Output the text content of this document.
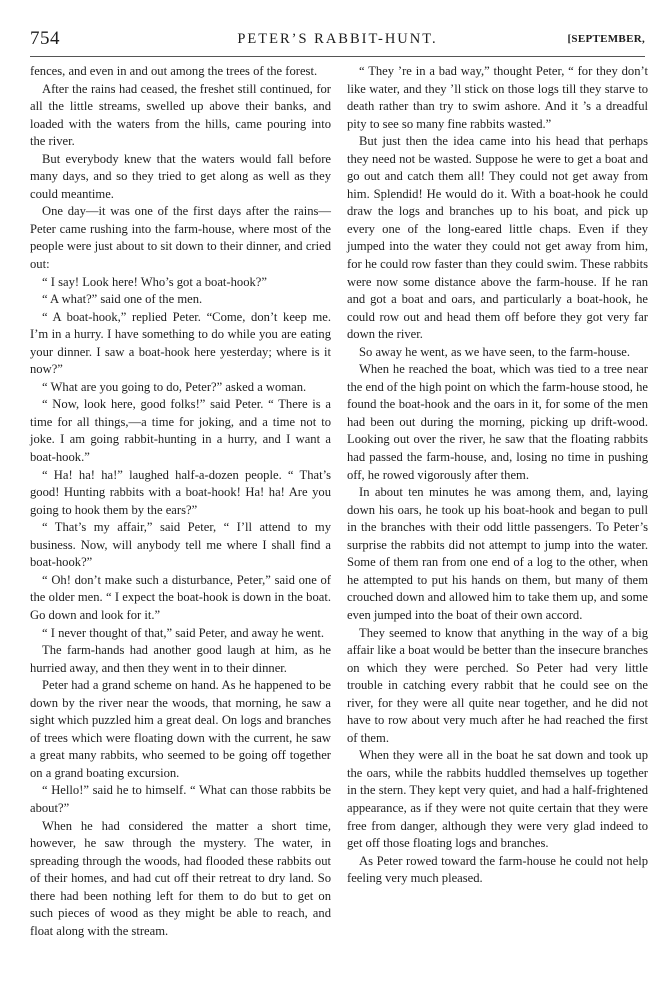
754	PETER’S RABBIT-HUNT.	[SEPTEMBER,

fences, and even in and out among the trees of the forest.

After the rains had ceased, the freshet still continued, for all the little streams, swelled up above their banks, and loaded with the waters from the hills, came pouring into the river.

But everybody knew that the waters would fall before many days, and so they tried to get along as well as they could meantime.

One day—it was one of the first days after the rains—Peter came rushing into the farm-house, where most of the people were just about to sit down to their dinner, and cried out:

“ I say! Look here! Who’s got a boat-hook?”

“ A what?” said one of the men.

“ A boat-hook,” replied Peter. “Come, don’t keep me. I’m in a hurry. I have something to do while you are eating your dinner. I saw a boat-hook here yesterday; where is it now?”

“ What are you going to do, Peter?” asked a woman.

“ Now, look here, good folks!” said Peter. “ There is a time for all things,—a time for joking, and a time not to joke. I am going rabbit-hunting in a hurry, and I want a boat-hook.”

“ Ha! ha! ha!” laughed half-a-dozen people. “ That’s good! Hunting rabbits with a boat-hook! Ha! ha! Are you going to hook them by the ears?”

“ That’s my affair,” said Peter, “ I’ll attend to my business. Now, will anybody tell me where I shall find a boat-hook?”

“ Oh! don’t make such a disturbance, Peter,” said one of the older men. “ I expect the boat-hook is down in the boat. Go down and look for it.”

“ I never thought of that,” said Peter, and away he went.

The farm-hands had another good laugh at him, as he hurried away, and then they went in to their dinner.

Peter had a grand scheme on hand. As he happened to be down by the river near the woods, that morning, he saw a sight which puzzled him a great deal. On logs and branches of trees which were floating down with the current, he saw a great many rabbits, who seemed to be going off together on a grand boating excursion.

“ Hello!” said he to himself. “ What can those rabbits be about?”

When he had considered the matter a short time, however, he saw through the mystery. The water, in spreading through the woods, had flooded these rabbits out of their homes, and had cut off their retreat to dry land. So there had been nothing left for them to do but to get on such pieces of wood as they might be able to reach, and float along with the stream.

“ They ’re in a bad way,” thought Peter, “ for they don’t like water, and they ’ll stick on those logs till they starve to death rather than try to swim ashore. And it ’s a dreadful pity to see so many fine rabbits wasted.”

But just then the idea came into his head that perhaps they need not be wasted. Suppose he were to get a boat and go out and catch them all! They could not get away from him. Splendid! He would do it. With a boat-hook he could draw the logs and branches up to his boat, and pick up every one of the long-eared little chaps. Even if they jumped into the water they could not get away from him, for he could row faster than they could swim. These rabbits were now some distance above the farm-house. If he ran and got a boat and oars, and particularly a boat-hook, he could row out and head them off before they got very far down the river.

So away he went, as we have seen, to the farm-house.

When he reached the boat, which was tied to a tree near the end of the high point on which the farm-house stood, he found the boat-hook and the oars in it, for some of the men had been out during the morning, picking up drift-wood. Looking out over the river, he saw that the floating rabbits had passed the farm-house, and, losing no time in pushing off, he rowed vigorously after them.

In about ten minutes he was among them, and, laying down his oars, he took up his boat-hook and began to pull in the branches with their odd little passengers. To Peter’s surprise the rabbits did not attempt to jump into the water. Some of them ran from one end of a log to the other, when he attempted to put his hands on them, but many of them crouched down and allowed him to take them up, and some even jumped into the boat of their own accord.

They seemed to know that anything in the way of a big affair like a boat would be better than the insecure branches on which they were perched. So Peter had very little trouble in catching every rabbit that he could see on the river, for they were all quite near together, and he did not have to row about very much after he had reached the first of them.

When they were all in the boat he sat down and took up the oars, while the rabbits huddled themselves up together in the stern. They kept very quiet, and had a half-frightened appearance, as if they were not quite certain that they were free from danger, although they were very glad indeed to get off those floating logs and branches.

As Peter rowed toward the farm-house he could not help feeling very much pleased.
